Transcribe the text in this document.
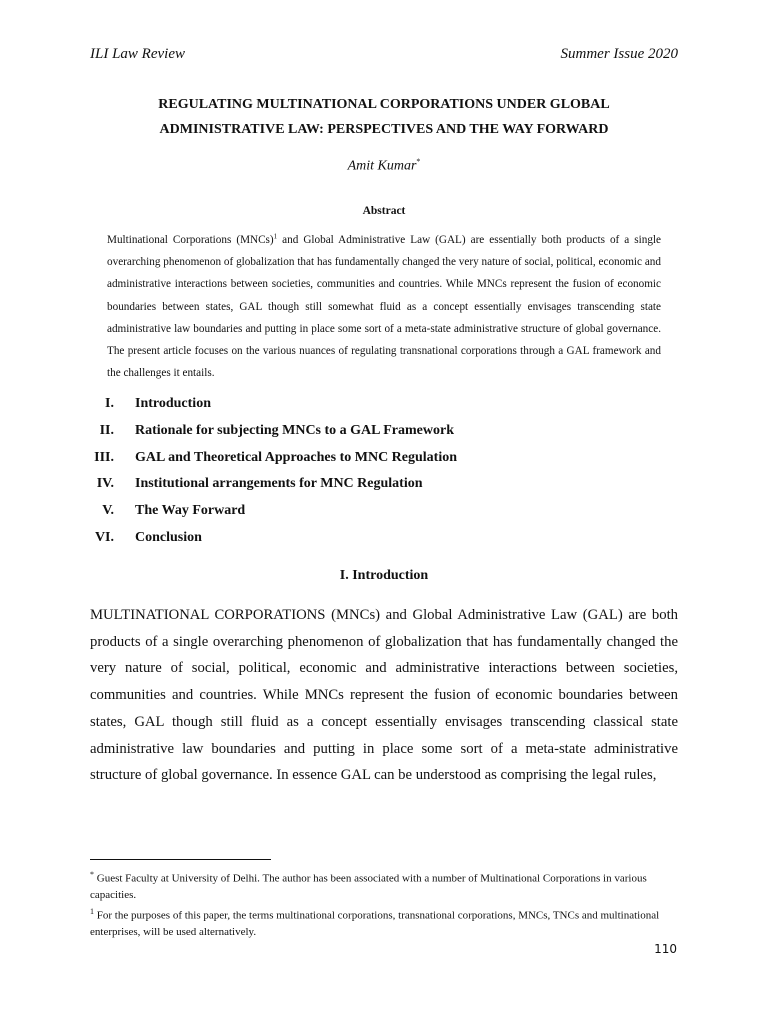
ILI Law Review	Summer Issue 2020
REGULATING MULTINATIONAL CORPORATIONS UNDER GLOBAL
ADMINISTRATIVE LAW: PERSPECTIVES AND THE WAY FORWARD
Amit Kumar*
Abstract

Multinational Corporations (MNCs)$^1$ and Global Administrative Law (GAL) are essentially both products of a single overarching phenomenon of globalization that has fundamentally changed the very nature of social, political, economic and administrative interactions between societies, communities and countries. While MNCs represent the fusion of economic boundaries between states, GAL though still somewhat fluid as a concept essentially envisages transcending state administrative law boundaries and putting in place some sort of a meta-state administrative structure of global governance. The present article focuses on the various nuances of regulating transnational corporations through a GAL framework and the challenges it entails.

I. Introduction
II. Rationale for subjecting MNCs to a GAL Framework
III. GAL and Theoretical Approaches to MNC Regulation
IV. Institutional arrangements for MNC Regulation
V. The Way Forward
VI. Conclusion
I. Introduction

MULTINATIONAL CORPORATIONS (MNCs) and Global Administrative Law (GAL) are both products of a single overarching phenomenon of globalization that has fundamentally changed the very nature of social, political, economic and administrative interactions between societies, communities and countries. While MNCs represent the fusion of economic boundaries between states, GAL though still fluid as a concept essentially envisages transcending classical state administrative law boundaries and putting in place some sort of a meta-state administrative structure of global governance. In essence GAL can be understood as comprising the legal rules,

* Guest Faculty at University of Delhi. The author has been associated with a number of Multinational Corporations in various capacities.

$^1$ For the purposes of this paper, the terms multinational corporations, transnational corporations, MNCs, TNCs and multinational enterprises, will be used alternatively.

110
